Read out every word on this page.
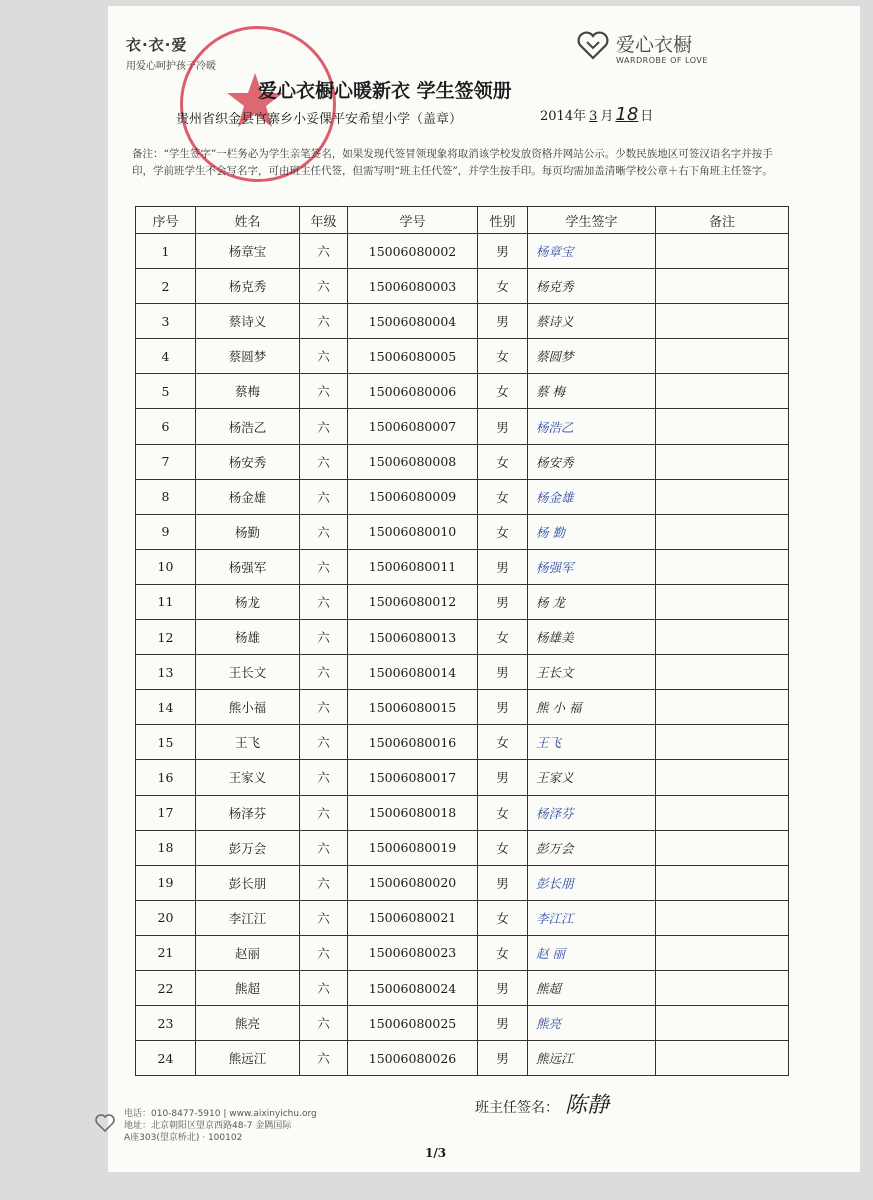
衣·衣·爱
用爱心呵护孩子冷暖
爱心衣橱
WARDROBE OF LOVE
爱心衣橱心暖新衣 学生签领册
贵州省织金县官寨乡小妥倮平安希望小学（盖章）	2014年 3 月 18 日
备注：“学生签字”一栏务必为学生亲笔签名，如果发现代签冒领现象将取消该学校发放资格并网站公示。少数民族地区可签汉语名字并按手印，学前班学生不会写名字，可由班主任代签，但需写明“班主任代签”，并学生按手印。每页均需加盖清晰学校公章＋右下角班主任签字。
序号	姓名	年级	学号	性别	学生签字	备注
1	杨章宝	六	15006080002	男	杨章宝	
2	杨克秀	六	15006080003	女	杨克秀	
3	蔡诗义	六	15006080004	男	蔡诗义	
4	蔡圆梦	六	15006080005	女	蔡圆梦	
5	蔡梅	六	15006080006	女	蔡 梅	
6	杨浩乙	六	15006080007	男	杨浩乙	
7	杨安秀	六	15006080008	女	杨安秀	
8	杨金雄	六	15006080009	女	杨金雄	
9	杨勤	六	15006080010	女	杨 勤	
10	杨强军	六	15006080011	男	杨强军	
11	杨龙	六	15006080012	男	杨 龙	
12	杨雄	六	15006080013	女	杨雄美	
13	王长文	六	15006080014	男	王长文	
14	熊小福	六	15006080015	男	熊 小 福	
15	王飞	六	15006080016	女	王飞	
16	王家义	六	15006080017	男	王家义	
17	杨泽芬	六	15006080018	女	杨泽芬	
18	彭万会	六	15006080019	女	彭万会	
19	彭长朋	六	15006080020	男	彭长朋	
20	李江江	六	15006080021	女	李江江	
21	赵丽	六	15006080023	女	赵 丽	
22	熊超	六	15006080024	男	熊超	
23	熊亮	六	15006080025	男	熊亮	
24	熊远江	六	15006080026	男	熊远江	
班主任签名： 陈静
电话：010-8477-5910 | www.aixinyichu.org
地址：北京朝阳区望京西路48-7 金隅国际
A座303(望京桥北) · 100102
1/3
